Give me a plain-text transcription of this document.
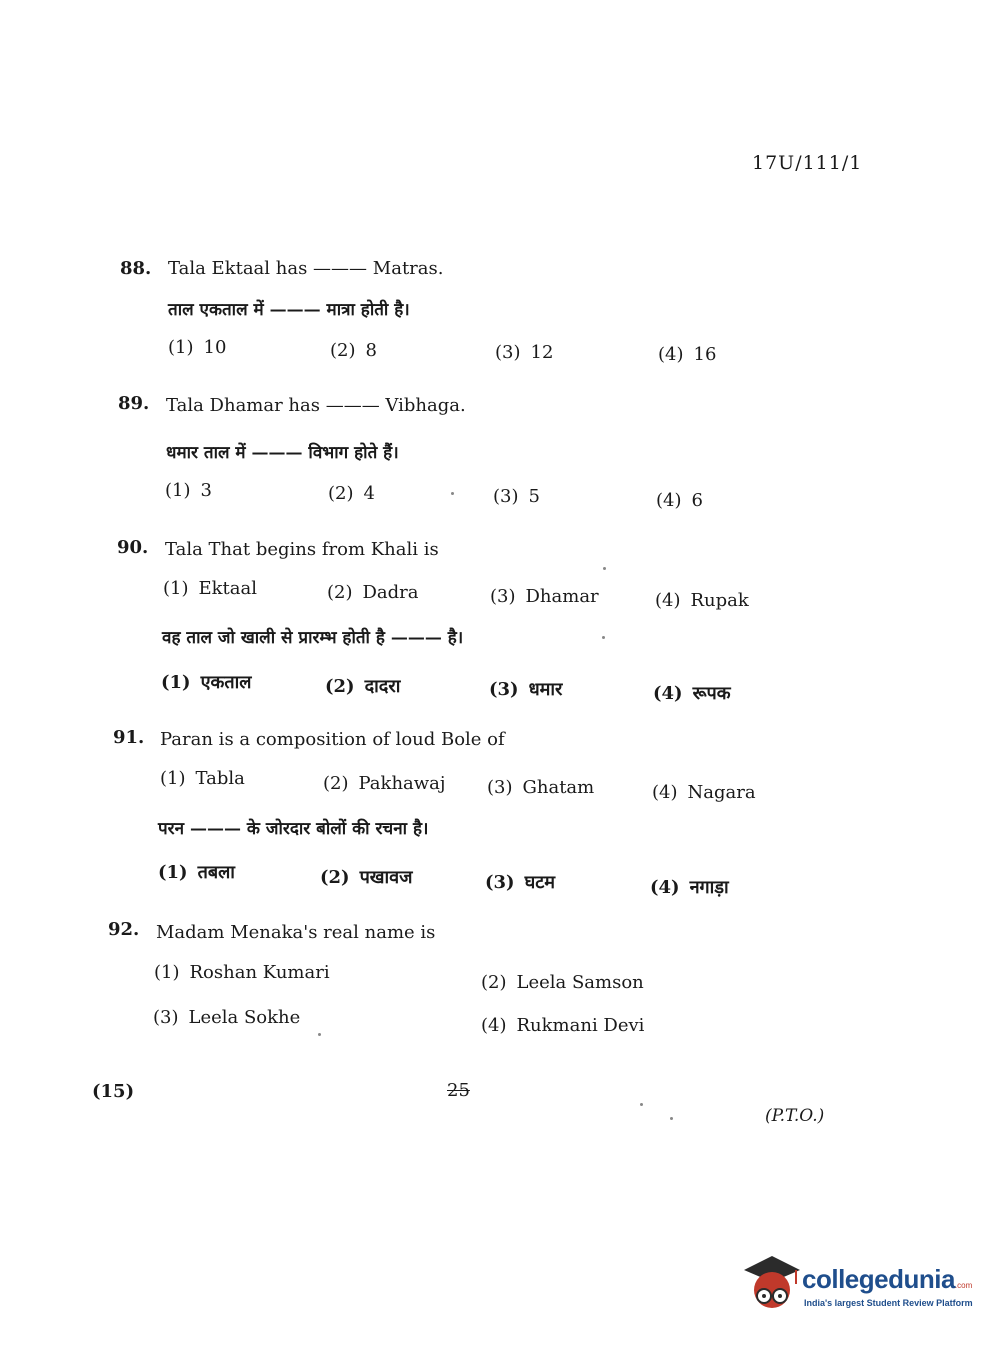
17U/111/1
88. Tala Ektaal has ——— Matras.
ताल एकताल में ——— मात्रा होती है।
(1) 10	(2) 8	(3) 12	(4) 16
89. Tala Dhamar has ——— Vibhaga.
धमार ताल में ——— विभाग होते हैं।
(1) 3	(2) 4	(3) 5	(4) 6
90. Tala That begins from Khali is
(1) Ektaal	(2) Dadra	(3) Dhamar	(4) Rupak
वह ताल जो खाली से प्रारम्भ होती है ——— है।
(1) एकताल	(2) दादरा	(3) धमार	(4) रूपक
91. Paran is a composition of loud Bole of
(1) Tabla	(2) Pakhawaj (3) Ghatam	(4) Nagara
परन ——— के जोरदार बोलों की रचना है।
(1) तबला	(2) पखावज	(3) घटम	(4) नगाड़ा
92. Madam Menaka's real name is
(1) Roshan Kumari	(2) Leela Samson
(3) Leela Sokhe	(4) Rukmani Devi
(15)	25
(P.T.O.)
collegedunia.com
India's largest Student Review Platform
